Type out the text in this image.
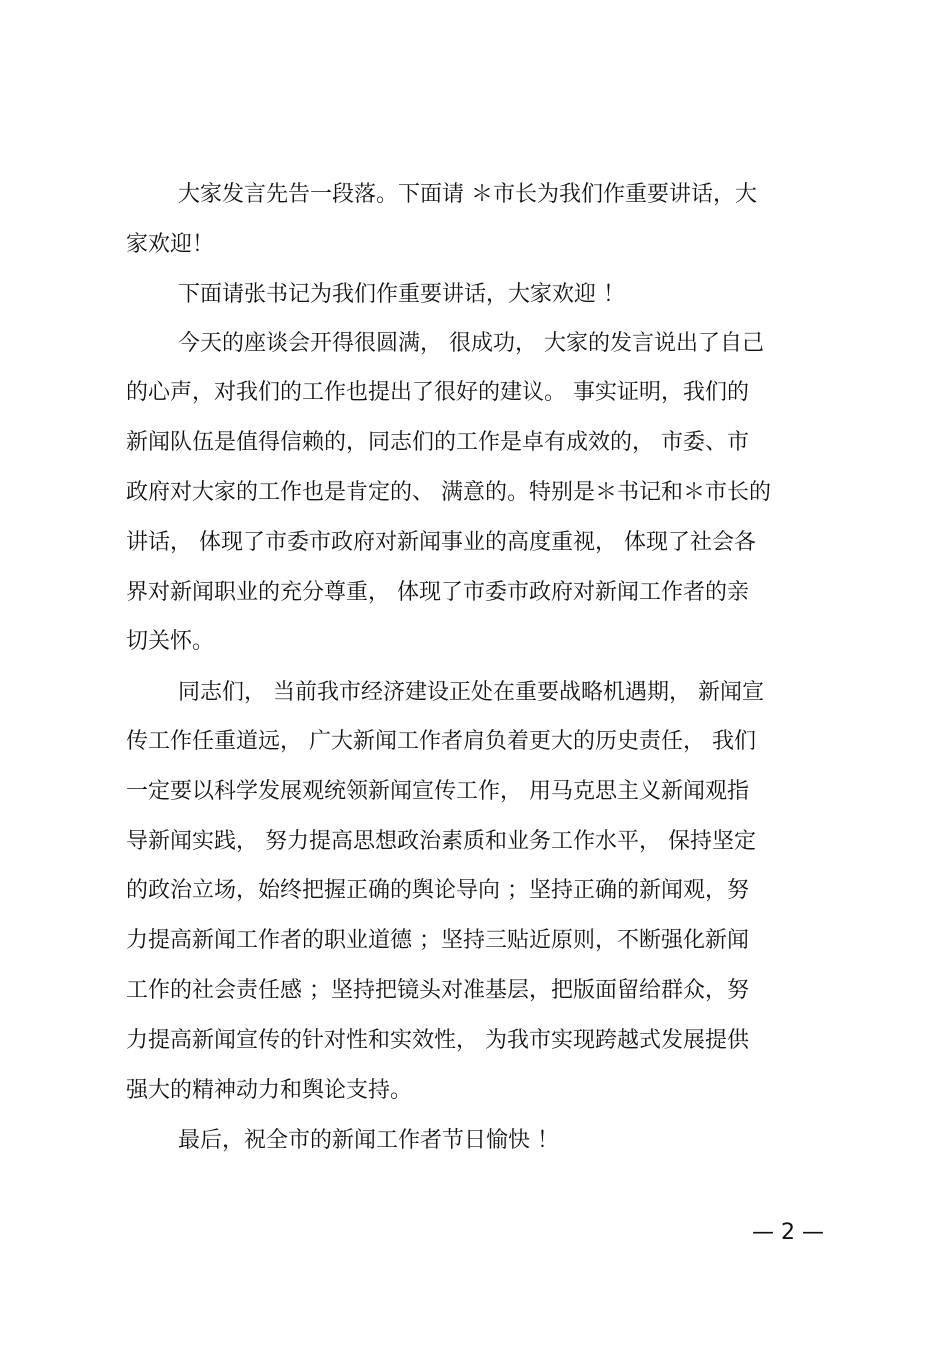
大家发言先告一段落。下面请 ＊市长为我们作重要讲话，大
家欢迎！
下面请张书记为我们作重要讲话，大家欢迎 ！
今天的座谈会开得很圆满， 很成功， 大家的发言说出了自己
的心声，对我们的工作也提出了很好的建议。 事实证明，我们的
新闻队伍是值得信赖的，同志们的工作是卓有成效的， 市委、市
政府对大家的工作也是肯定的、 满意的。特别是＊书记和＊市长的
讲话， 体现了市委市政府对新闻事业的高度重视， 体现了社会各
界对新闻职业的充分尊重， 体现了市委市政府对新闻工作者的亲
切关怀。
同志们， 当前我市经济建设正处在重要战略机遇期， 新闻宣
传工作任重道远， 广大新闻工作者肩负着更大的历史责任， 我们
一定要以科学发展观统领新闻宣传工作， 用马克思主义新闻观指
导新闻实践， 努力提高思想政治素质和业务工作水平， 保持坚定
的政治立场，始终把握正确的舆论导向 ；坚持正确的新闻观，努
力提高新闻工作者的职业道德 ；坚持三贴近原则，不断强化新闻
工作的社会责任感 ；坚持把镜头对准基层，把版面留给群众，努
力提高新闻宣传的针对性和实效性， 为我市实现跨越式发展提供
强大的精神动力和舆论支持。
最后，祝全市的新闻工作者节日愉快 ！
— 2 —
